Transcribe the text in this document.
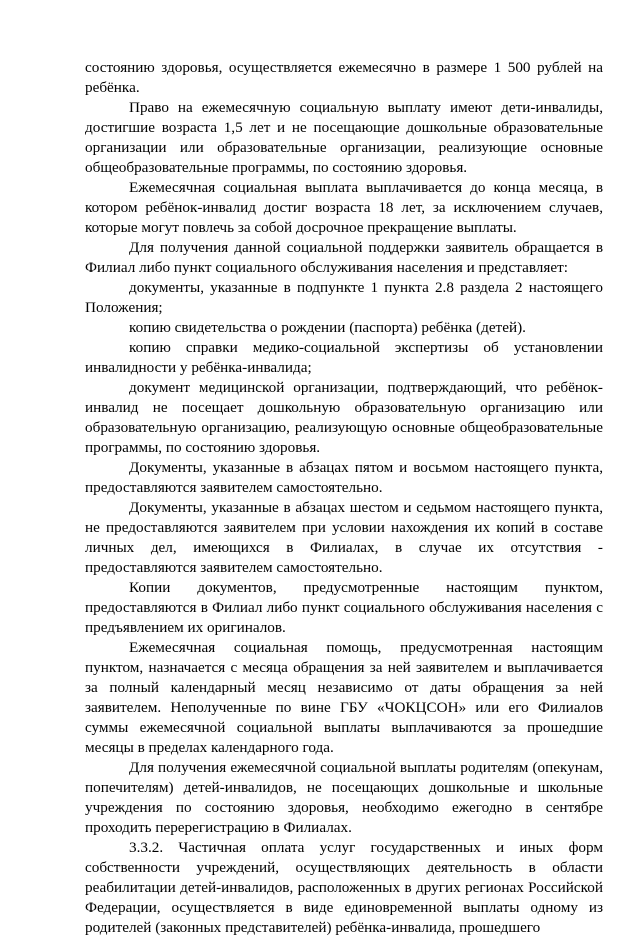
состоянию здоровья, осуществляется ежемесячно в размере 1 500 рублей на ребёнка.

Право на ежемесячную социальную выплату имеют дети-инвалиды, достигшие возраста 1,5 лет и не посещающие дошкольные образовательные организации или образовательные организации, реализующие основные общеобразовательные программы, по состоянию здоровья.

Ежемесячная социальная выплата выплачивается до конца месяца, в котором ребёнок-инвалид достиг возраста 18 лет, за исключением случаев, которые могут повлечь за собой досрочное прекращение выплаты.

Для получения данной социальной поддержки заявитель обращается в Филиал либо пункт социального обслуживания населения и представляет:

документы, указанные в подпункте 1 пункта 2.8 раздела 2 настоящего Положения;

копию свидетельства о рождении (паспорта) ребёнка (детей).

копию справки медико-социальной экспертизы об установлении инвалидности у ребёнка-инвалида;

документ медицинской организации, подтверждающий, что ребёнок-инвалид не посещает дошкольную образовательную организацию или образовательную организацию, реализующую основные общеобразовательные программы, по состоянию здоровья.

Документы, указанные в абзацах пятом и восьмом настоящего пункта, предоставляются заявителем самостоятельно.

Документы, указанные в абзацах шестом и седьмом настоящего пункта, не предоставляются заявителем при условии нахождения их копий в составе личных дел, имеющихся в Филиалах, в случае их отсутствия - предоставляются заявителем самостоятельно.

Копии документов, предусмотренные настоящим пунктом, предоставляются в Филиал либо пункт социального обслуживания населения с предъявлением их оригиналов.

Ежемесячная социальная помощь, предусмотренная настоящим пунктом, назначается с месяца обращения за ней заявителем и выплачивается за полный календарный месяц независимо от даты обращения за ней заявителем. Неполученные по вине ГБУ «ЧОКЦСОН» или его Филиалов суммы ежемесячной социальной выплаты выплачиваются за прошедшие месяцы в пределах календарного года.

Для получения ежемесячной социальной выплаты родителям (опекунам, попечителям) детей-инвалидов, не посещающих дошкольные и школьные учреждения по состоянию здоровья, необходимо ежегодно в сентябре проходить перерегистрацию в Филиалах.

3.3.2. Частичная оплата услуг государственных и иных форм собственности учреждений, осуществляющих деятельность в области реабилитации детей-инвалидов, расположенных в других регионах Российской Федерации, осуществляется в виде единовременной выплаты одному из родителей (законных представителей) ребёнка-инвалида, прошедшего
